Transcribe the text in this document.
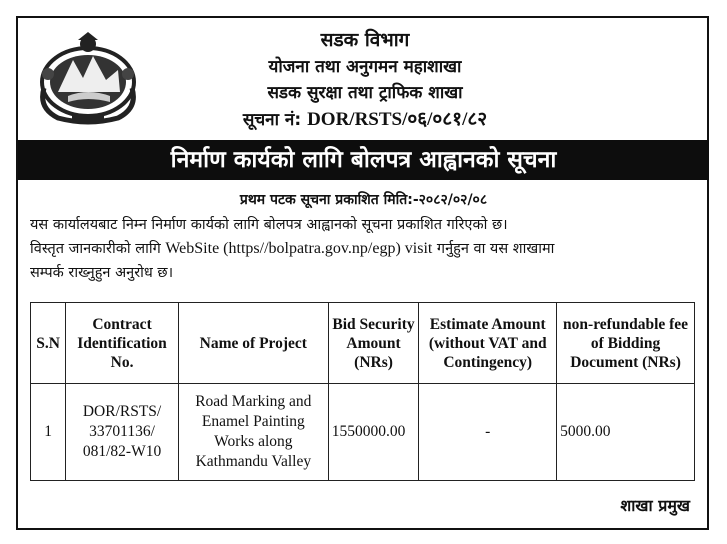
सडक विभाग
योजना तथा अनुगमन महाशाखा
सडक सुरक्षा तथा ट्राफिक शाखा
सूचना नं: DOR/RSTS/०६/०८१/८२
निर्माण कार्यको लागि बोलपत्र आह्वानको सूचना
प्रथम पटक सूचना प्रकाशित मिति:-२०८२/०२/०८
यस कार्यालयबाट निम्न निर्माण कार्यको लागि बोलपत्र आह्वानको सूचना प्रकाशित गरिएको छ।
विस्तृत जानकारीको लागि WebSite (https//bolpatra.gov.np/egp) visit गर्नुहुन वा यस शाखामा
सम्पर्क राख्नुहुन अनुरोध छ।
S.N	Contract Identification No.	Name of Project	Bid Security Amount (NRs)	Estimate Amount (without VAT and Contingency)	non-refundable fee of Bidding Document (NRs)
1	DOR/RSTS/ 33701136/ 081/82-W10	Road Marking and Enamel Painting Works along Kathmandu Valley	1550000.00	-	5000.00
शाखा प्रमुख
